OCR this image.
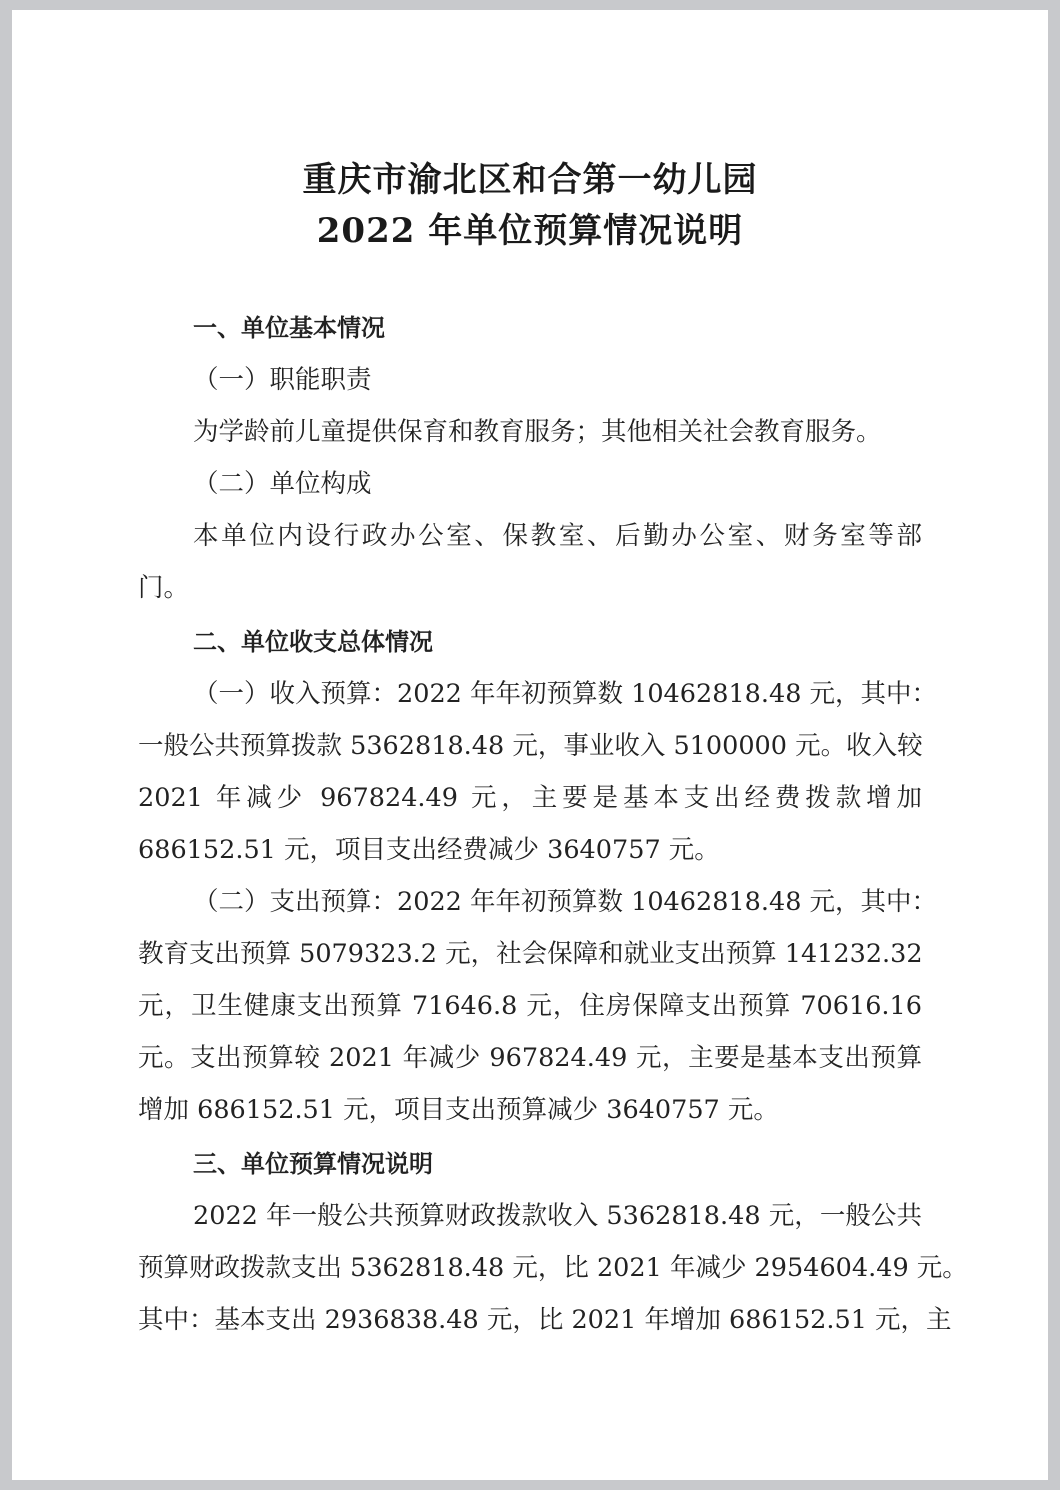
重庆市渝北区和合第一幼儿园
2022 年单位预算情况说明
一、单位基本情况
（一）职能职责
为学龄前儿童提供保育和教育服务；其他相关社会教育服务。
（二）单位构成
本单位内设行政办公室、保教室、后勤办公室、财务室等部
门。
二、单位收支总体情况
（一）收入预算：2022 年年初预算数 10462818.48 元，其中：
一般公共预算拨款 5362818.48 元，事业收入 5100000 元。收入较
2021 年减少 967824.49 元，主要是基本支出经费拨款增加
686152.51 元，项目支出经费减少 3640757 元。
（二）支出预算：2022 年年初预算数 10462818.48 元，其中：
教育支出预算 5079323.2 元，社会保障和就业支出预算 141232.32
元，卫生健康支出预算 71646.8 元，住房保障支出预算 70616.16
元。支出预算较 2021 年减少 967824.49 元，主要是基本支出预算
增加 686152.51 元，项目支出预算减少 3640757 元。
三、单位预算情况说明
2022 年一般公共预算财政拨款收入 5362818.48 元，一般公共
预算财政拨款支出 5362818.48 元，比 2021 年减少 2954604.49 元。
其中：基本支出 2936838.48 元，比 2021 年增加 686152.51 元，主
